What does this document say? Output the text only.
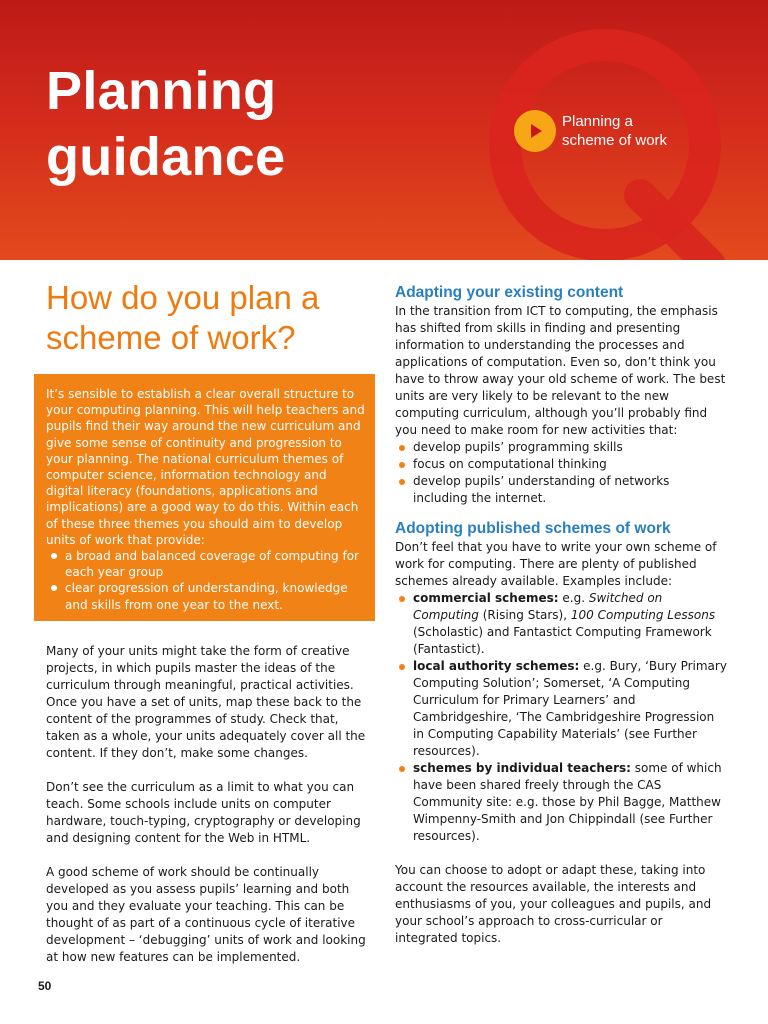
Planning
guidance
Planning a
scheme of work
How do you plan a
scheme of work?

It’s sensible to establish a clear overall structure to your computing planning. This will help teachers and pupils find their way around the new curriculum and give some sense of continuity and progression to your planning. The national curriculum themes of computer science, information technology and digital literacy (foundations, applications and implications) are a good way to do this. Within each of these three themes you should aim to develop units of work that provide:

a broad and balanced coverage of computing for each year group
clear progression of understanding, knowledge and skills from one year to the next.

Many of your units might take the form of creative projects, in which pupils master the ideas of the curriculum through meaningful, practical activities. Once you have a set of units, map these back to the content of the programmes of study. Check that, taken as a whole, your units adequately cover all the content. If they don’t, make some changes.

Don’t see the curriculum as a limit to what you can teach. Some schools include units on computer hardware, touch-typing, cryptography or developing and designing content for the Web in HTML.

A good scheme of work should be continually developed as you assess pupils’ learning and both you and they evaluate your teaching. This can be thought of as part of a continuous cycle of iterative development – ‘debugging’ units of work and looking at how new features can be implemented.

Adapting your existing content

In the transition from ICT to computing, the emphasis has shifted from skills in finding and presenting information to understanding the processes and applications of computation. Even so, don’t think you have to throw away your old scheme of work. The best units are very likely to be relevant to the new computing curriculum, although you’ll probably find you need to make room for new activities that:

develop pupils’ programming skills
focus on computational thinking
develop pupils’ understanding of networks including the internet.
Adopting published schemes of work

Don’t feel that you have to write your own scheme of work for computing. There are plenty of published schemes already available. Examples include:

commercial schemes: e.g. Switched on Computing (Rising Stars), 100 Computing Lessons (Scholastic) and Fantastict Computing Framework (Fantastict).
local authority schemes: e.g. Bury, ‘Bury Primary Computing Solution’; Somerset, ‘A Computing Curriculum for Primary Learners’ and Cambridgeshire, ‘The Cambridgeshire Progression in Computing Capability Materials’ (see Further resources).
schemes by individual teachers: some of which have been shared freely through the CAS Community site: e.g. those by Phil Bagge, Matthew Wimpenny-Smith and Jon Chippindall (see Further resources).

You can choose to adopt or adapt these, taking into account the resources available, the interests and enthusiasms of you, your colleagues and pupils, and your school’s approach to cross-curricular or integrated topics.

50
